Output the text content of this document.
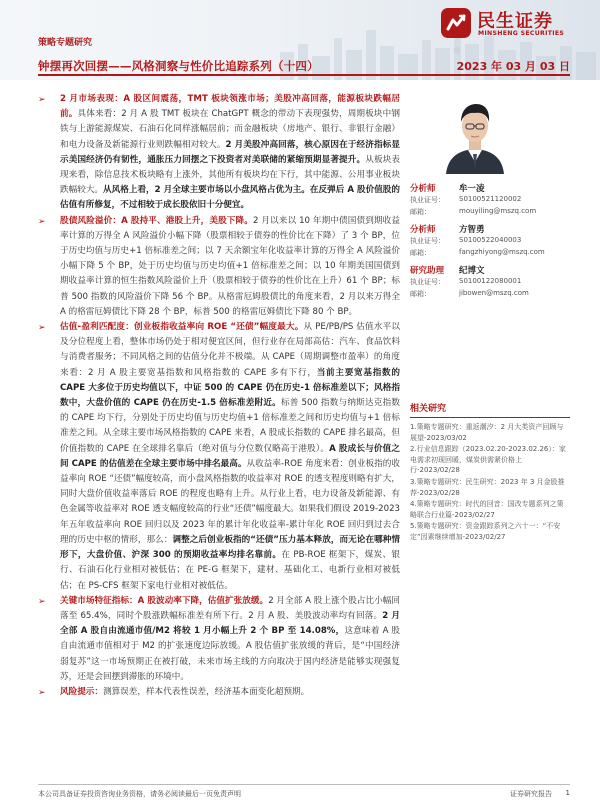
民生证券
MINSHENG SECURITIES
策略专题研究
钟摆再次回摆——风格洞察与性价比追踪系列（十四）	2023 年 03 月 03 日
➢ 2 月市场表现：A 股区间震荡，TMT 板块领涨市场；美股冲高回落，能源板块跌幅居前。具体来看：2 月 A 股 TMT 板块在 ChatGPT 概念的带动下表现强势，周期板块中钢铁与上游能源煤炭、石油石化同样涨幅居前；而金融板块（房地产、银行、非银行金融）和电力设备及新能源行业则跌幅相对较大。2 月美股冲高回落，核心原因在于经济指标显示美国经济仍有韧性，通胀压力回摆之下投资者对美联储的紧缩预期显著提升。从板块表现来看，除信息技术板块略有上涨外，其他所有板块均在下行，其中能源、公用事业板块跌幅较大。从风格上看，2 月全球主要市场以小盘风格占优为主。在反弹后 A 股价值股的估值有所修复，不过相较于成长股依旧十分便宜。
➢ 股债风险溢价：A 股持平、港股上升，美股下降。2 月以来以 10 年期中债国债到期收益率计算的万得全 A 风险溢价小幅下降（股票相较于债券的性价比在下降）了 3 个 BP，位于历史均值与历史+1 倍标准差之间；以 7 天余额宝年化收益率计算的万得全 A 风险溢价小幅下降 5 个 BP，处于历史均值与历史均值+1 倍标准差之间；以 10 年期美国国债到期收益率计算的恒生指数风险溢价上升（股票相较于债券的性价比在上升）61 个 BP；标普 500 指数的风险溢价下降 56 个 BP。从格雷厄姆股债比的角度来看，2 月以来万得全 A 的格雷厄姆债比下降 28 个 BP，标普 500 的格雷厄姆债比下降 80 个 BP。
➢ 估值-盈利匹配度：创业板指收益率向 ROE “还债”幅度最大。从 PE/PB/PS 估值水平以及分位程度上看，整体市场仍处于相对便宜区间，但行业存在局部高估：汽车、食品饮料与消费者服务；不同风格之间的估值分化并不极端。从 CAPE（周期调整市盈率）的角度来看：2 月 A 股主要宽基指数和风格指数的 CAPE 多有下行，当前主要宽基指数的 CAPE 大多位于历史均值以下，中证 500 的 CAPE 仍在历史-1 倍标准差以下；风格指数中，大盘价值的 CAPE 仍在历史-1.5 倍标准差附近。标普 500 指数与纳斯达克指数的 CAPE 均下行，分别处于历史均值与历史均值+1 倍标准差之间和历史均值与+1 倍标准差之间。从全球主要市场风格指数的 CAPE 来看，A 股成长指数的 CAPE 排名最高，但价值指数的 CAPE 在全球排名靠后（绝对值与分位数仅略高于港股）。A 股成长与价值之间 CAPE 的估值差在全球主要市场中排名最高。从收益率-ROE 角度来看：创业板指的收益率向 ROE “还债”幅度较高，而小盘风格指数的收益率对 ROE 的透支程度则略有扩大，同时大盘价值收益率落后 ROE 的程度也略有上升。从行业上看，电力设备及新能源、有色金属等收益率对 ROE 透支幅度较高的行业“还债”幅度最大。如果我们假设 2019-2023 年五年收益率向 ROE 回归以及 2023 年的累计年化收益率-累计年化 ROE 回归到过去合理的历史中枢的情形，那么：调整之后创业板指的“还债”压力基本释放，而无论在哪种情形下，大盘价值、沪深 300 的预期收益率均排名靠前。在 PB-ROE 框架下，煤炭、银行、石油石化行业相对被低估；在 PE-G 框架下，建材、基础化工、电新行业相对被低估；在 PS-CFS 框架下家电行业相对被低估。
➢ 关键市场特征指标：A 股波动率下降，估值扩张放缓。2 月全部 A 股上涨个股占比小幅回落至 65.4%，同时个股涨跌幅标准差有所下行。2 月 A 股、美股波动率均有回落。2 月全部 A 股自由流通市值/M2 将较 1 月小幅上升 2 个 BP 至 14.08%，这意味着 A 股自由流通市值相对于 M2 的扩张速度边际放缓。A 股估值扩张放缓的背后，是“中国经济弱复苏”这一市场预期正在被打破，未来市场主线的方向取决于国内经济是能够实现强复苏，还是会回摆到滞胀的环境中。
➢ 风险提示：测算误差，样本代表性误差，经济基本面变化超预期。
分析师	牟一凌
执业证号： S0100521120002
邮箱：	mouyiling@mszq.com
分析师	方智勇
执业证号： S0100522040003
邮箱：	fangzhiyong@mszq.com
研究助理 纪博文
执业证号： S0100122080001
邮箱：	jibowen@mszq.com
相关研究
1.策略专题研究：重返潮汐：2 月大类资产回顾与展望-2023/03/02
2.行业信息跟踪（2023.02.20-2023.02.26）：家电需求初现回暖，煤炭供需紧价格上行-2023/02/28
3.策略专题研究：民生研究：2023 年 3 月金股推荐-2023/02/28
4.策略专题研究：时代的回音：国改专题系列之策略联合行业篇-2023/02/27
5.策略专题研究：资金跟踪系列之六十一：“不安定”因素继续增加-2023/02/27
本公司具备证券投资咨询业务资格，请务必阅读最后一页免责声明	证券研究报告 1
